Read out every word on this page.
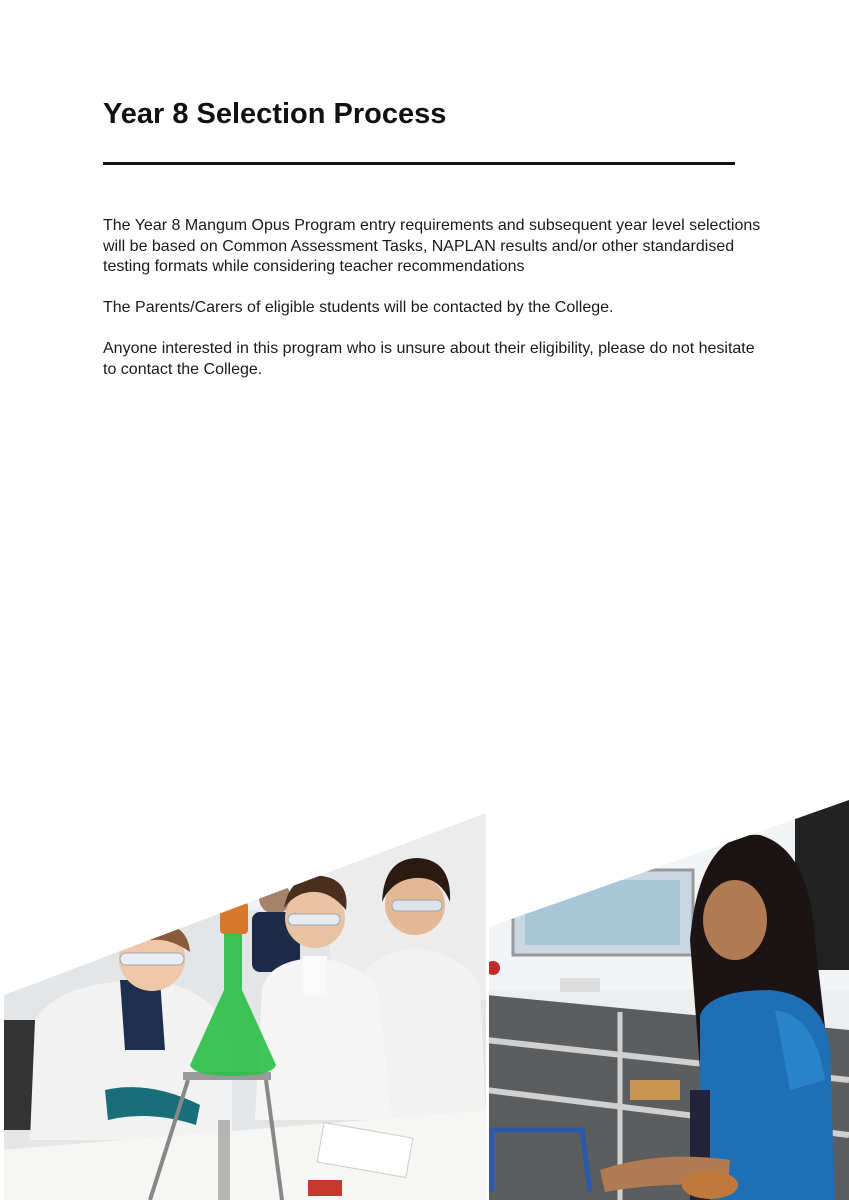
Year 8 Selection Process

The Year 8 Mangum Opus Program entry requirements and subsequent year level selections will be based on Common Assessment Tasks, NAPLAN results and/or other standardised testing formats while considering teacher recommendations

The Parents/Carers of eligible students will be contacted by the College.

Anyone interested in this program who is unsure about their eligibility, please do not hesitate to contact the College.
